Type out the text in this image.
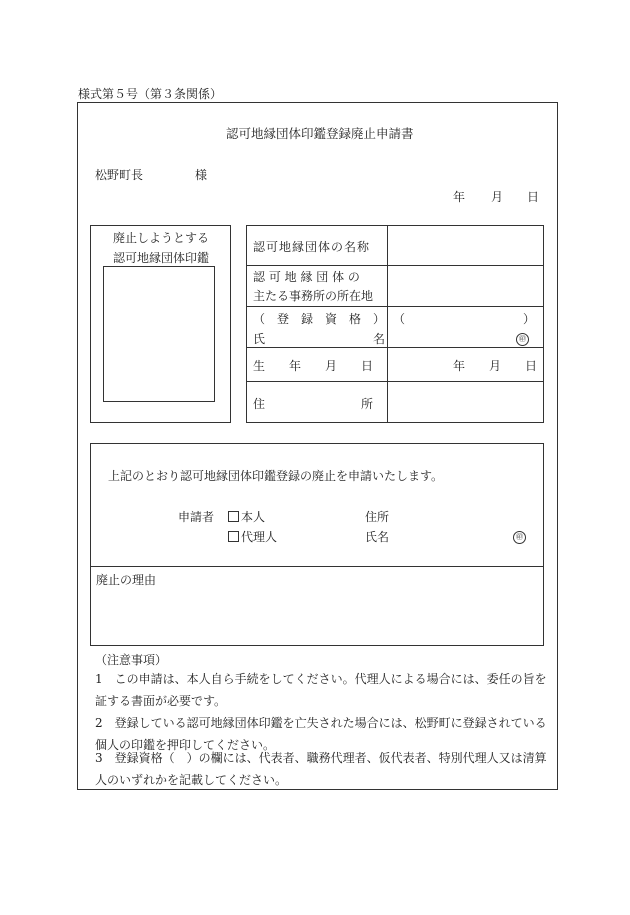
様式第５号（第３条関係）
認可地縁団体印鑑登録廃止申請書
松野町長	様
年 月 日
廃止しようとする
認可地縁団体印鑑
認可地縁団体の名称
認 可 地 縁 団 体 の
主たる事務所の所在地
（　登　録　資　格　） （	）
氏　　　　　　　　　名	㊞
生　　年　　月　　日	年　　月　　日
住　　　　　　　　所
上記のとおり認可地縁団体印鑑登録の廃止を申請いたします。
申請者	本人
代理人
住所
氏名	㊞
廃止の理由
（注意事項）
1　この申請は、本人自ら手続をしてください。代理人による場合には、委任の旨を証する書面が必要です。
2　登録している認可地縁団体印鑑を亡失された場合には、松野町に登録されている個人の印鑑を押印してください。
3　登録資格（　）の欄には、代表者、職務代理者、仮代表者、特別代理人又は清算人のいずれかを記載してください。
